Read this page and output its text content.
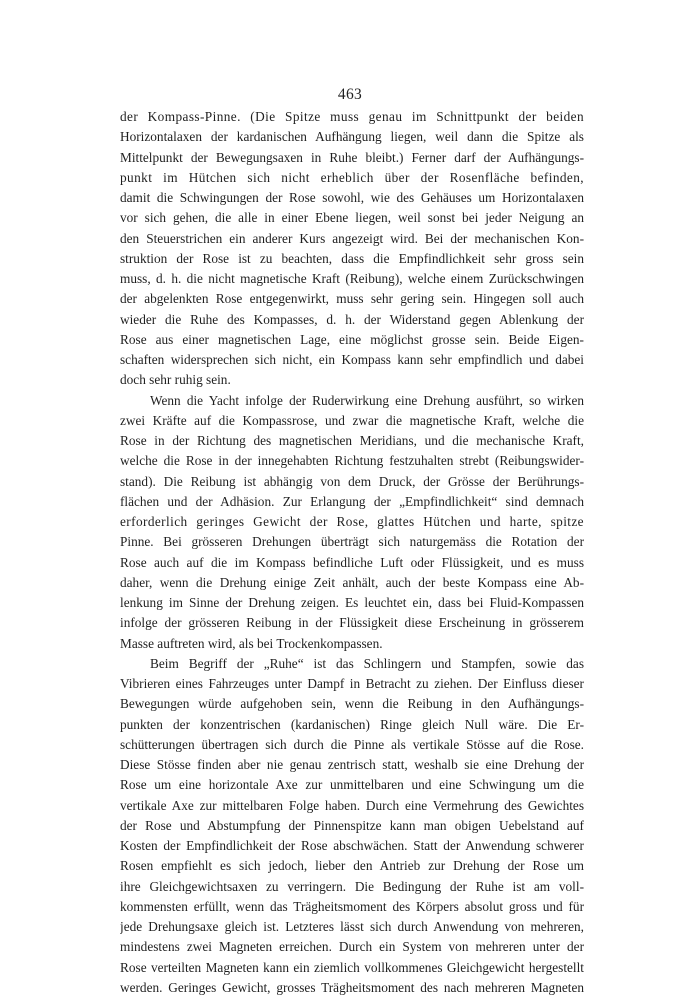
463
der Kompass-Pinne. (Die Spitze muss genau im Schnittpunkt der beiden
Horizontalaxen der kardanischen Aufhängung liegen, weil dann die Spitze als
Mittelpunkt der Bewegungsaxen in Ruhe bleibt.) Ferner darf der Aufhängungs-
punkt im Hütchen sich nicht erheblich über der Rosenfläche befinden,
damit die Schwingungen der Rose sowohl, wie des Gehäuses um Horizontalaxen
vor sich gehen, die alle in einer Ebene liegen, weil sonst bei jeder Neigung an
den Steuerstrichen ein anderer Kurs angezeigt wird. Bei der mechanischen Kon-
struktion der Rose ist zu beachten, dass die Empfindlichkeit sehr gross sein
muss, d. h. die nicht magnetische Kraft (Reibung), welche einem Zurückschwingen
der abgelenkten Rose entgegenwirkt, muss sehr gering sein. Hingegen soll auch
wieder die Ruhe des Kompasses, d. h. der Widerstand gegen Ablenkung der
Rose aus einer magnetischen Lage, eine möglichst grosse sein. Beide Eigen-
schaften widersprechen sich nicht, ein Kompass kann sehr empfindlich und dabei
doch sehr ruhig sein.
Wenn die Yacht infolge der Ruderwirkung eine Drehung ausführt, so wirken
zwei Kräfte auf die Kompassrose, und zwar die magnetische Kraft, welche die
Rose in der Richtung des magnetischen Meridians, und die mechanische Kraft,
welche die Rose in der innegehabten Richtung festzuhalten strebt (Reibungswider-
stand). Die Reibung ist abhängig von dem Druck, der Grösse der Berührungs-
flächen und der Adhäsion. Zur Erlangung der „Empfindlichkeit“ sind demnach
erforderlich geringes Gewicht der Rose, glattes Hütchen und harte, spitze
Pinne. Bei grösseren Drehungen überträgt sich naturgemäss die Rotation der
Rose auch auf die im Kompass befindliche Luft oder Flüssigkeit, und es muss
daher, wenn die Drehung einige Zeit anhält, auch der beste Kompass eine Ab-
lenkung im Sinne der Drehung zeigen. Es leuchtet ein, dass bei Fluid-Kompassen
infolge der grösseren Reibung in der Flüssigkeit diese Erscheinung in grösserem
Masse auftreten wird, als bei Trockenkompassen.
Beim Begriff der „Ruhe“ ist das Schlingern und Stampfen, sowie das
Vibrieren eines Fahrzeuges unter Dampf in Betracht zu ziehen. Der Einfluss dieser
Bewegungen würde aufgehoben sein, wenn die Reibung in den Aufhängungs-
punkten der konzentrischen (kardanischen) Ringe gleich Null wäre. Die Er-
schütterungen übertragen sich durch die Pinne als vertikale Stösse auf die Rose.
Diese Stösse finden aber nie genau zentrisch statt, weshalb sie eine Drehung der
Rose um eine horizontale Axe zur unmittelbaren und eine Schwingung um die
vertikale Axe zur mittelbaren Folge haben. Durch eine Vermehrung des Gewichtes
der Rose und Abstumpfung der Pinnenspitze kann man obigen Uebelstand auf
Kosten der Empfindlichkeit der Rose abschwächen. Statt der Anwendung schwerer
Rosen empfiehlt es sich jedoch, lieber den Antrieb zur Drehung der Rose um
ihre Gleichgewichtsaxen zu verringern. Die Bedingung der Ruhe ist am voll-
kommensten erfüllt, wenn das Trägheitsmoment des Körpers absolut gross und für
jede Drehungsaxe gleich ist. Letzteres lässt sich durch Anwendung von mehreren,
mindestens zwei Magneten erreichen. Durch ein System von mehreren unter der
Rose verteilten Magneten kann ein ziemlich vollkommenes Gleichgewicht hergestellt
werden. Geringes Gewicht, grosses Trägheitsmoment des nach mehreren Magneten
